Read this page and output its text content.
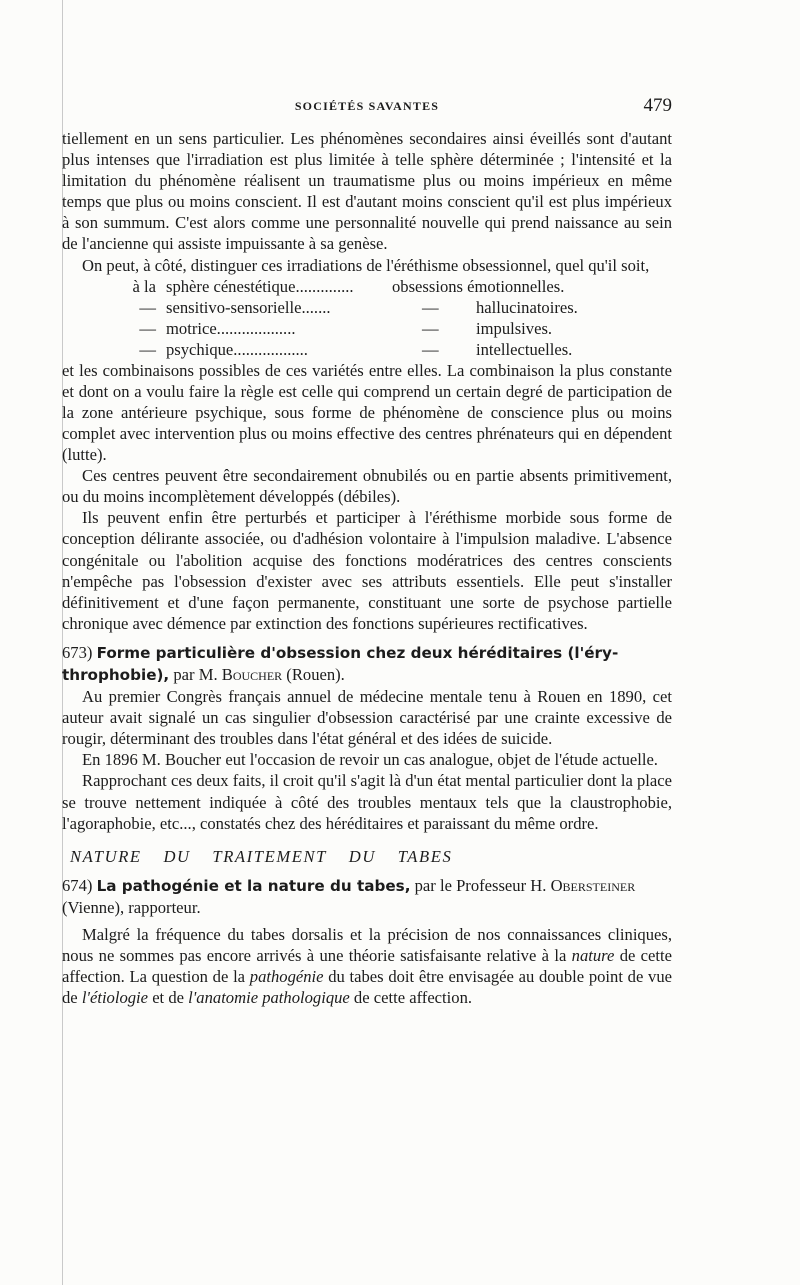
SOCIÉTÉS SAVANTES	479

tiellement en un sens particulier. Les phénomènes secondaires ainsi éveillés sont d'autant plus intenses que l'irradiation est plus limitée à telle sphère déterminée ; l'intensité et la limitation du phénomène réalisent un traumatisme plus ou moins impérieux en même temps que plus ou moins conscient. Il est d'autant moins conscient qu'il est plus impérieux à son summum. C'est alors comme une personnalité nouvelle qui prend naissance au sein de l'ancienne qui assiste impuissante à sa genèse.

On peut, à côté, distinguer ces irradiations de l'éréthisme obsessionnel, quel qu'il soit,

à la sphère cénestétique..............	obsessions émotionnelles.
— sensitivo-sensorielle.......	—	hallucinatoires.
— motrice...................	—	impulsives.
— psychique..................	—	intellectuelles.

et les combinaisons possibles de ces variétés entre elles. La combinaison la plus constante et dont on a voulu faire la règle est celle qui comprend un certain degré de participation de la zone antérieure psychique, sous forme de phénomène de conscience plus ou moins complet avec intervention plus ou moins effective des centres phrénateurs qui en dépendent (lutte).

Ces centres peuvent être secondairement obnubilés ou en partie absents primitivement, ou du moins incomplètement développés (débiles).

Ils peuvent enfin être perturbés et participer à l'éréthisme morbide sous forme de conception délirante associée, ou d'adhésion volontaire à l'impulsion maladive. L'absence congénitale ou l'abolition acquise des fonctions modératrices des centres conscients n'empêche pas l'obsession d'exister avec ses attributs essentiels. Elle peut s'installer définitivement et d'une façon permanente, constituant une sorte de psychose partielle chronique avec démence par extinction des fonctions supérieures rectificatives.

673) Forme particulière d'obsession chez deux héréditaires (l'éry-

throphobie), par M. Boucher (Rouen).

Au premier Congrès français annuel de médecine mentale tenu à Rouen en 1890, cet auteur avait signalé un cas singulier d'obsession caractérisé par une crainte excessive de rougir, déterminant des troubles dans l'état général et des idées de suicide.

En 1896 M. Boucher eut l'occasion de revoir un cas analogue, objet de l'étude actuelle.

Rapprochant ces deux faits, il croit qu'il s'agit là d'un état mental particulier dont la place se trouve nettement indiquée à côté des troubles mentaux tels que la claustrophobie, l'agoraphobie, etc..., constatés chez des héréditaires et paraissant du même ordre.

NATURE DU TRAITEMENT DU TABES

674) La pathogénie et la nature du tabes, par le Professeur H. Obersteiner

(Vienne), rapporteur.

Malgré la fréquence du tabes dorsalis et la précision de nos connaissances cliniques, nous ne sommes pas encore arrivés à une théorie satisfaisante relative à la nature de cette affection. La question de la pathogénie du tabes doit être envisagée au double point de vue de l'étiologie et de l'anatomie pathologique de cette affection.
